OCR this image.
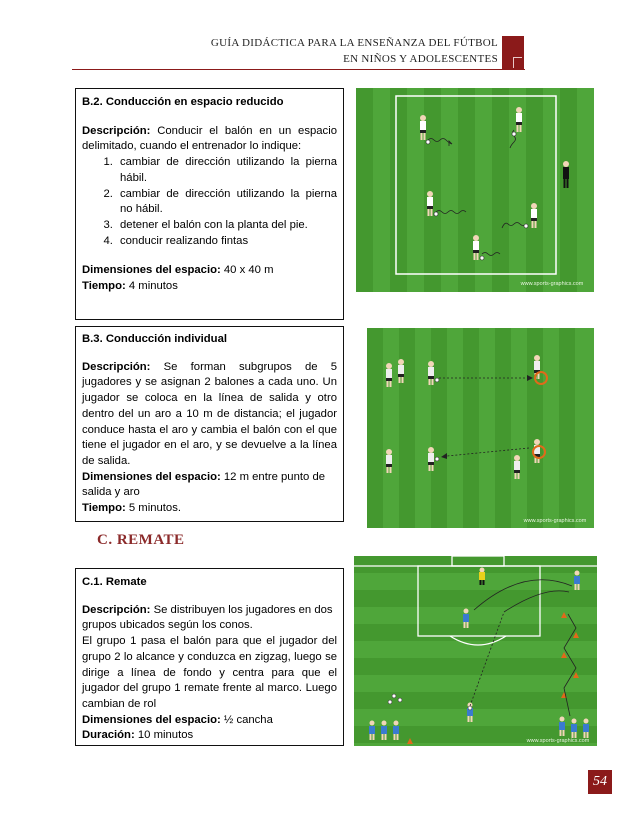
GUÍA DIDÁCTICA PARA LA ENSEÑANZA DEL FÚTBOL
EN NIÑOS Y ADOLESCENTES
B.2. Conducción en espacio reducido
Descripción: Conducir el balón en un espacio delimitado, cuando el entrenador lo indique:
1. cambiar de dirección utilizando la pierna hábil.
2. cambiar de dirección utilizando la pierna no hábil.
3. detener el balón con la planta del pie.
4. conducir realizando fintas
Dimensiones del espacio: 40 x 40 m
Tiempo: 4 minutos	www.sports-graphics.com
B.3. Conducción individual
Descripción: Se forman subgrupos de 5 jugadores y se asignan 2 balones a cada uno. Un jugador se coloca en la línea de salida y otro dentro del un aro a 10 m de distancia; el jugador conduce hasta el aro y cambia el balón con el que tiene el jugador en el aro, y se devuelve a la línea de salida.
Dimensiones del espacio: 12 m entre punto de salida y aro
Tiempo: 5 minutos.
www.sports-graphics.com
C. REMATE
C.1. Remate
Descripción: Se distribuyen los jugadores en dos grupos ubicados según los conos.
El grupo 1 pasa el balón para que el jugador del grupo 2 lo alcance y conduzca en zigzag, luego se dirige a línea de fondo y centra para que el jugador del grupo 1 remate frente al marco. Luego cambian de rol
Dimensiones del espacio: ½ cancha
Duración: 10 minutos	www.sports-graphics.com
54
